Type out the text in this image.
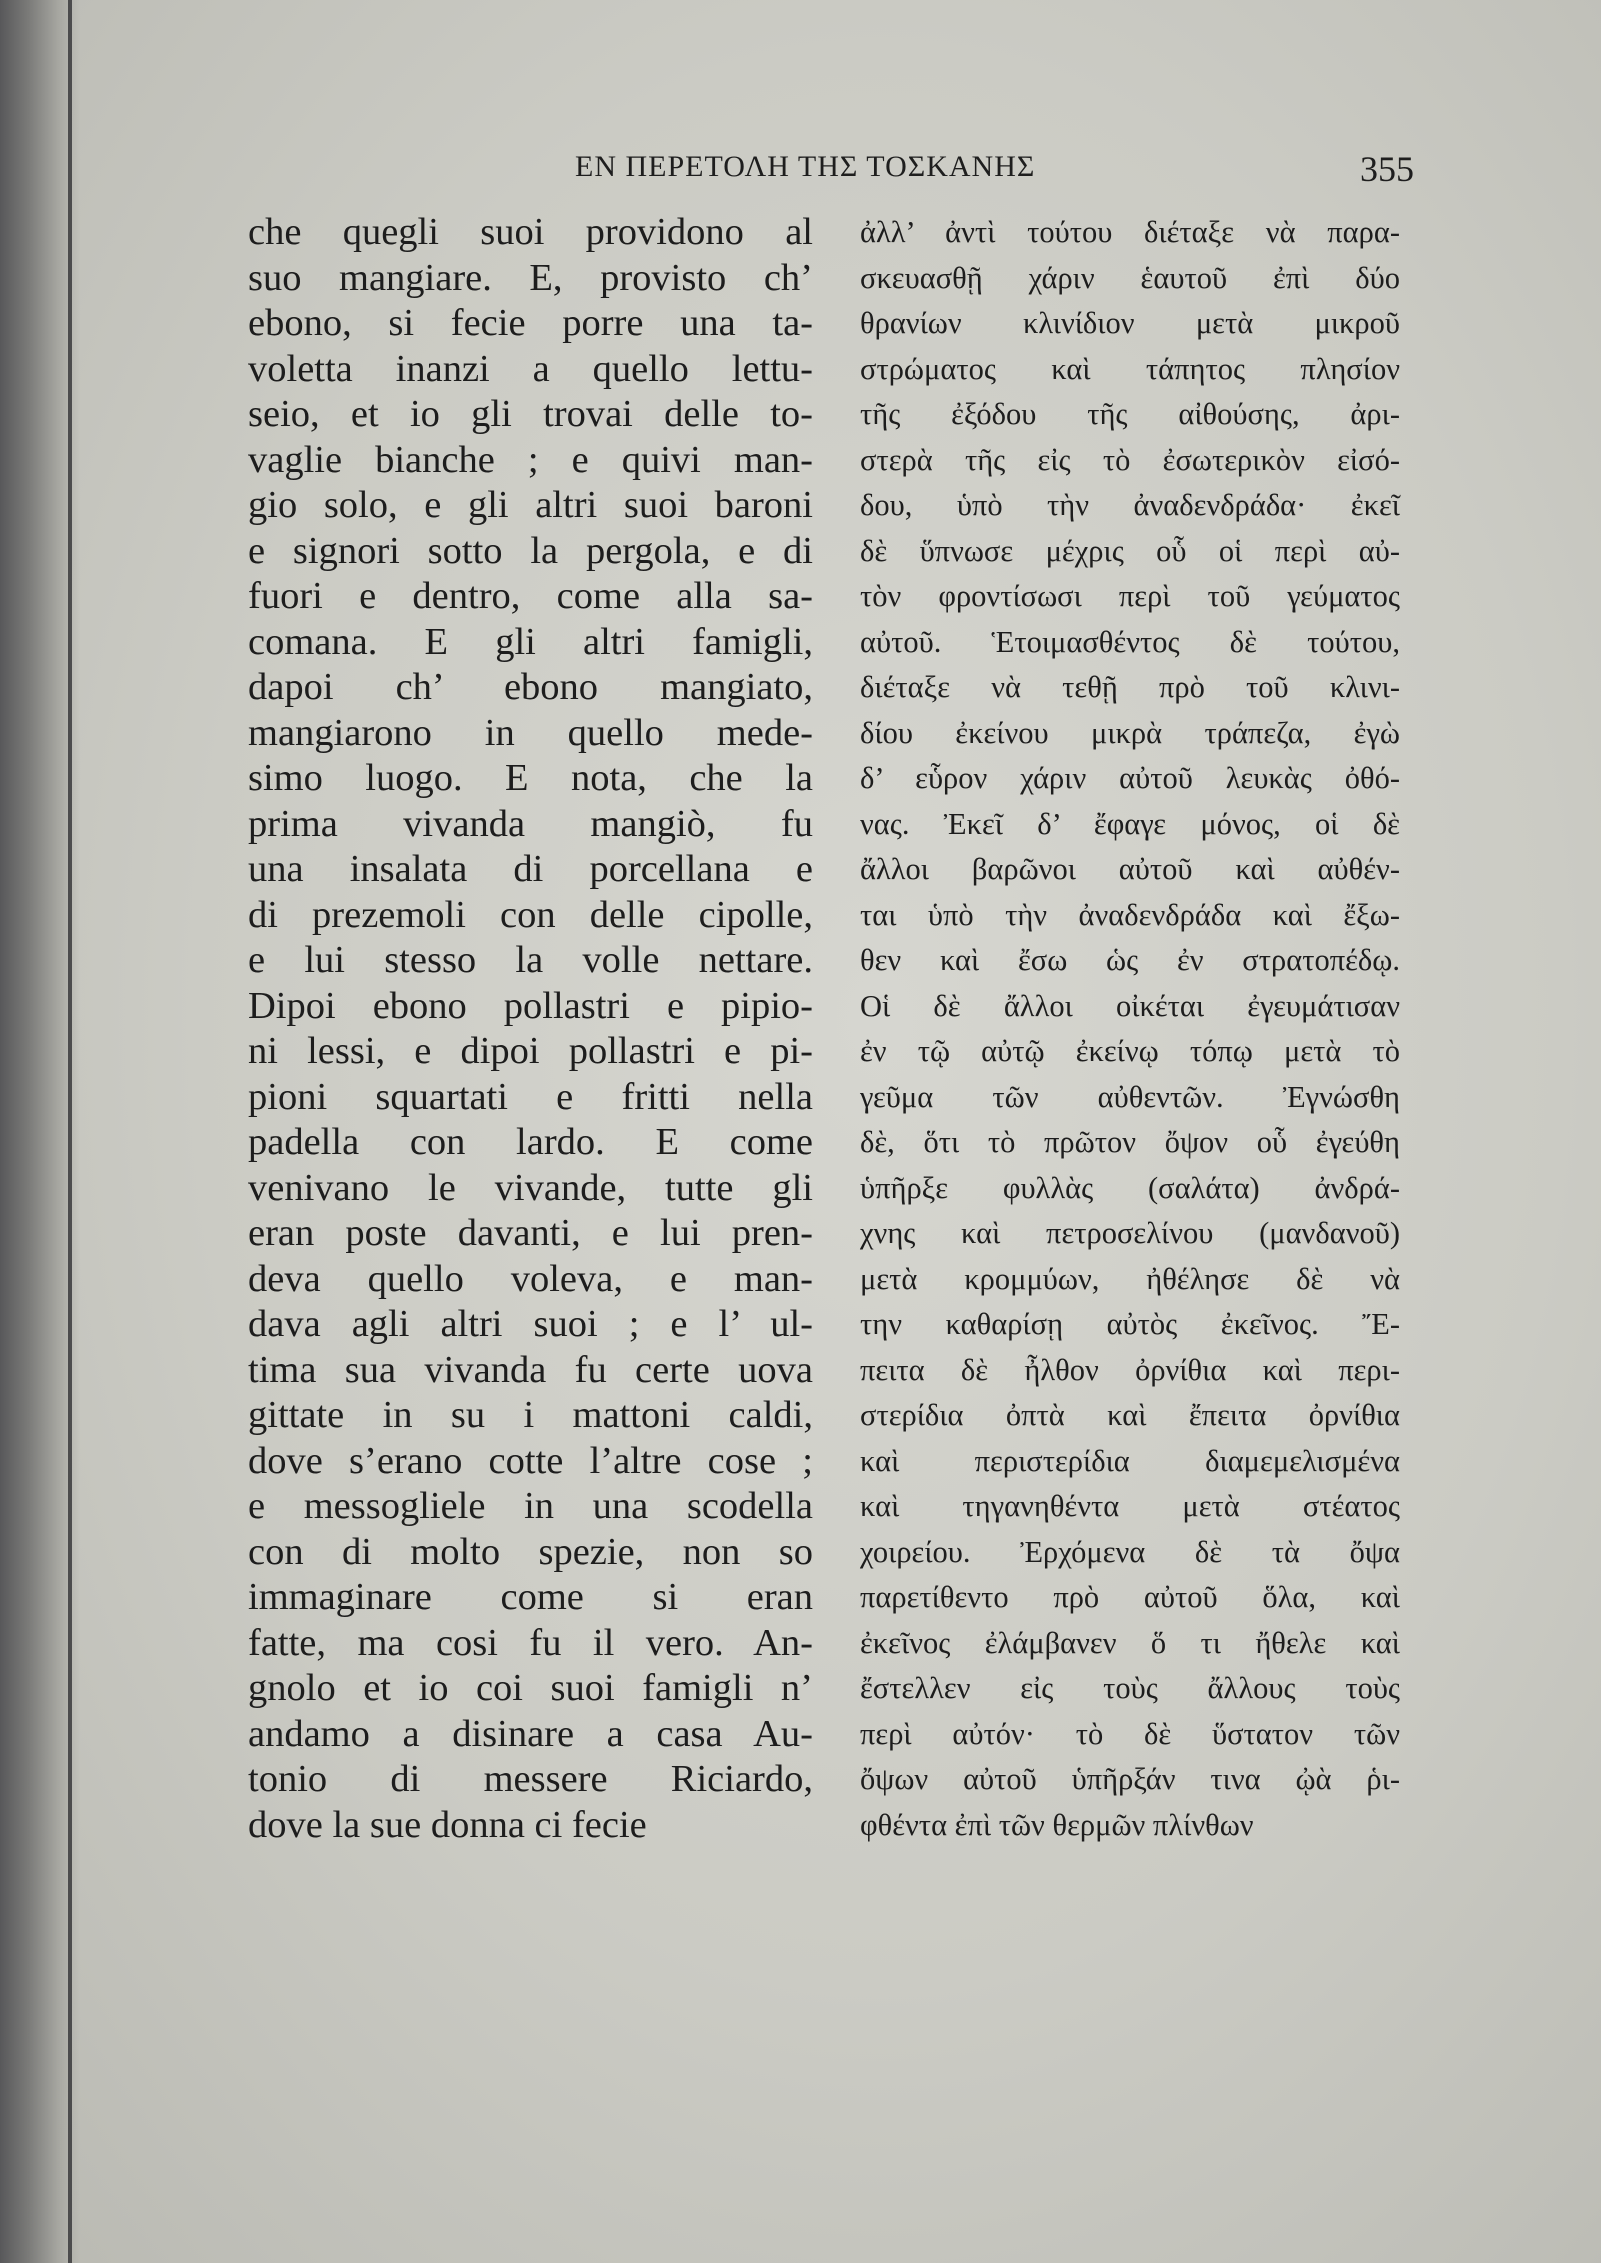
ΕΝ ΠΕΡΕΤΟΛΗ ΤΗΣ ΤΟΣΚΑΝΗΣ	355
che quegli suoi providono al
suo mangiare. E, provisto ch’
ebono, si fecie porre una ta-
voletta inanzi a quello lettu-
seio, et io gli trovai delle to-
vaglie bianche ; e quivi man-
gio solo, e gli altri suoi baroni
e signori sotto la pergola, e di
fuori e dentro, come alla sa-
comana. E gli altri famigli,
dapoi ch’ ebono mangiato,
mangiarono in quello mede-
simo luogo. E nota, che la
prima vivanda mangiò, fu
una insalata di porcellana e
di prezemoli con delle cipolle,
e lui stesso la volle nettare.
Dipoi ebono pollastri e pipio-
ni lessi, e dipoi pollastri e pi-
pioni squartati e fritti nella
padella con lardo. E come
venivano le vivande, tutte gli
eran poste davanti, e lui pren-
deva quello voleva, e man-
dava agli altri suoi ; e l’ ul-
tima sua vivanda fu certe uova
gittate in su i mattoni caldi,
dove s’erano cotte l’altre cose ;
e messogliele in una scodella
con di molto spezie, non so
immaginare come si eran
fatte, ma cosi fu il vero. An-
gnolo et io coi suoi famigli n’
andamo a disinare a casa Au-
tonio di messere Riciardo,
dove la sue donna ci fecie
ἀλλ’ ἀντὶ τούτου διέταξε νὰ παρα-
σκευασθῇ χάριν ἑαυτοῦ ἐπὶ δύο
θρανίων κλινίδιον μετὰ μικροῦ
στρώματος καὶ τάπητος πλησίον
τῆς ἐξόδου τῆς αἰθούσης, ἀρι-
στερὰ τῆς εἰς τὸ ἐσωτερικὸν εἰσό-
δου, ὑπὸ τὴν ἀναδενδράδα· ἐκεῖ
δὲ ὕπνωσε μέχρις οὗ οἱ περὶ αὐ-
τὸν φροντίσωσι περὶ τοῦ γεύματος
αὐτοῦ. Ἑτοιμασθέντος δὲ τούτου,
διέταξε νὰ τεθῇ πρὸ τοῦ κλινι-
δίου ἐκείνου μικρὰ τράπεζα, ἐγὼ
δ’ εὗρον χάριν αὐτοῦ λευκὰς ὀθό-
νας. Ἐκεῖ δ’ ἔφαγε μόνος, οἱ δὲ
ἄλλοι βαρῶνοι αὐτοῦ καὶ αὐθέν-
ται ὑπὸ τὴν ἀναδενδράδα καὶ ἔξω-
θεν καὶ ἔσω ὡς ἐν στρατοπέδῳ.
Οἱ δὲ ἄλλοι οἰκέται ἐγευμάτισαν
ἐν τῷ αὐτῷ ἐκείνῳ τόπῳ μετὰ τὸ
γεῦμα τῶν αὐθεντῶν. Ἐγνώσθη
δὲ, ὅτι τὸ πρῶτον ὄψον οὗ ἐγεύθη
ὑπῆρξε φυλλὰς (σαλάτα) ἀνδρά-
χνης καὶ πετροσελίνου (μανδανοῦ)
μετὰ κρομμύων, ἠθέλησε δὲ νὰ
την καθαρίσῃ αὐτὸς ἐκεῖνος. Ἔ-
πειτα δὲ ἦλθον ὀρνίθια καὶ περι-
στερίδια ὀπτὰ καὶ ἔπειτα ὀρνίθια
καὶ περιστερίδια διαμεμελισμένα
καὶ τηγανηθέντα μετὰ στέατος
χοιρείου. Ἐρχόμενα δὲ τὰ ὄψα
παρετίθεντο πρὸ αὐτοῦ ὅλα, καὶ
ἐκεῖνος ἐλάμβανεν ὅ τι ἤθελε καὶ
ἔστελλεν εἰς τοὺς ἄλλους τοὺς
περὶ αὐτόν· τὸ δὲ ὕστατον τῶν
ὄψων αὐτοῦ ὑπῆρξάν τινα ᾠὰ ῥι-
φθέντα ἐπὶ τῶν θερμῶν πλίνθων
